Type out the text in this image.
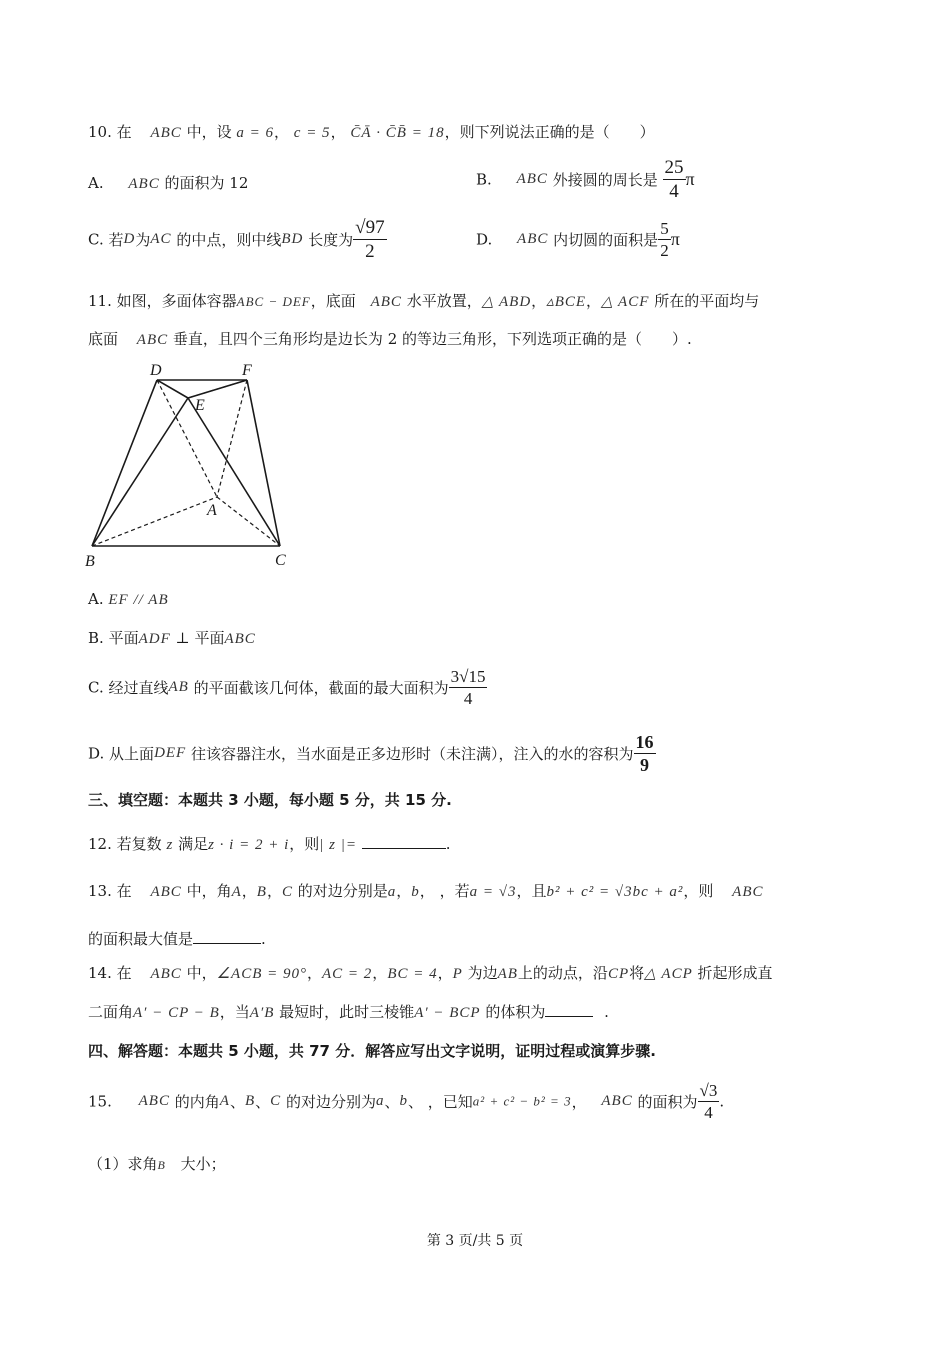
10. 在 ABC 中，设 a = 6， c = 5， C̄Ā · C̄B̄ = 18，则下列说法正确的是（　　）
A. ABC 的面积为 12	B. ABC 外接圆的周长是 $\frac{25}{4}$ π
C. 若D为AC 的中点，则中线BD 长度为 $\frac{√97}{2}$	D. ABC 内切圆的面积是 $\frac{5}{2}$ π
11. 如图，多面体容器ABC − DEF，底面 ABC 水平放置，△ ABD，▵BCE，△ ACF 所在的平面均与
底面 ABC 垂直，且四个三角形均是边长为 2 的等边三角形，下列选项正确的是（　　）.
D	F
E
A
B	C
A. EF // AB
B. 平面ADF ⊥ 平面ABC
C. 经过直线AB 的平面截该几何体，截面的最大面积为 $\frac{3√15}{4}$
D. 从上面DEF 往该容器注水，当水面是正多边形时（未注满），注入的水的容积为 $\frac{16}{9}$
三、填空题：本题共 3 小题，每小题 5 分，共 15 分.
12. 若复数 z 满足z · i = 2 + i，则| z |=	.
13. 在 ABC 中，角A，B，C 的对边分别是a，b， ，若a = √3，且b² + c² = √3bc + a²，则 ABC
的面积最大值是	.
14. 在 ABC 中，∠ACB = 90°，AC = 2，BC = 4，P 为边AB上的动点，沿CP将△ ACP 折起形成直
二面角A′ − CP − B，当A′B 最短时，此时三棱锥A′ − BCP 的体积为	.
四、解答题：本题共 5 小题，共 77 分．解答应写出文字说明，证明过程或演算步骤.
15. ABC 的内角A、B、C 的对边分别为a、b、 ，已知a² + c² − b² = 3， ABC 的面积为 $\frac{√3}{4}$ .
（1）求角B 大小；
第 3 页/共 5 页
